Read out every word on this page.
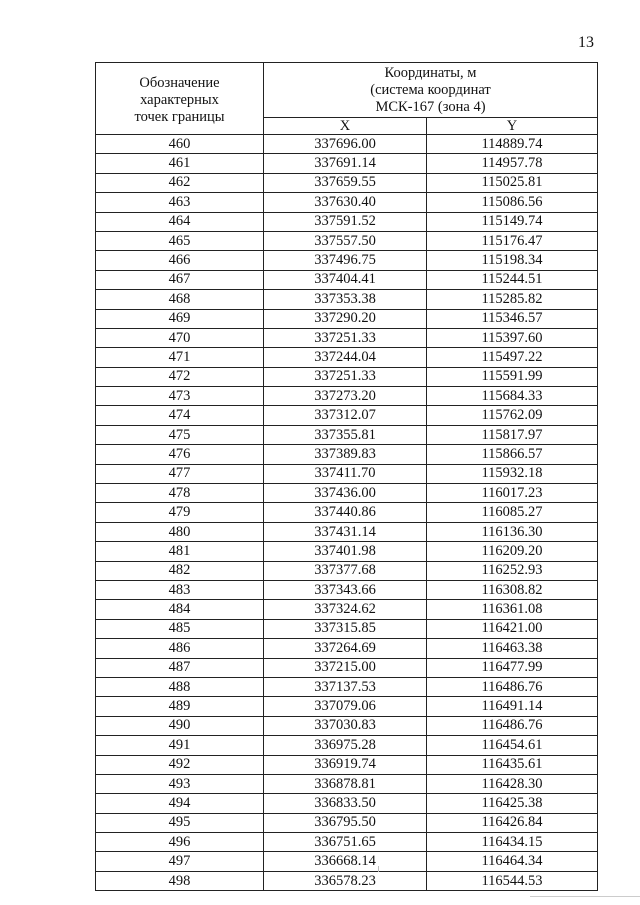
13
Обозначение
характерных
точек границы	Координаты, м
(система координат
МСК-167 (зона 4)	

	X	Y
460	337696.00	114889.74
461	337691.14	114957.78
462	337659.55	115025.81
463	337630.40	115086.56
464	337591.52	115149.74
465	337557.50	115176.47
466	337496.75	115198.34
467	337404.41	115244.51
468	337353.38	115285.82
469	337290.20	115346.57
470	337251.33	115397.60
471	337244.04	115497.22
472	337251.33	115591.99
473	337273.20	115684.33
474	337312.07	115762.09
475	337355.81	115817.97
476	337389.83	115866.57
477	337411.70	115932.18
478	337436.00	116017.23
479	337440.86	116085.27
480	337431.14	116136.30
481	337401.98	116209.20
482	337377.68	116252.93
483	337343.66	116308.82
484	337324.62	116361.08
485	337315.85	116421.00
486	337264.69	116463.38
487	337215.00	116477.99
488	337137.53	116486.76
489	337079.06	116491.14
490	337030.83	116486.76
491	336975.28	116454.61
492	336919.74	116435.61
493	336878.81	116428.30
494	336833.50	116425.38
495	336795.50	116426.84
496	336751.65	116434.15
497	336668.14	116464.34
498	336578.23	116544.53
